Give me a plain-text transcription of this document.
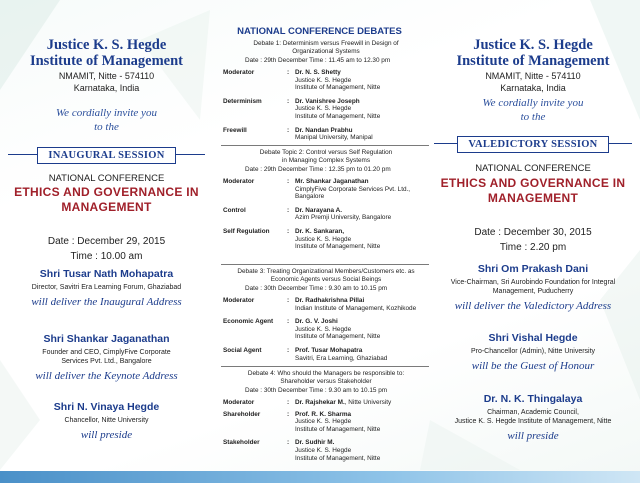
Justice K. S. Hegde
Institute of Management
NMAMIT, Nitte - 574110
Karnataka, India
We cordially invite you
to the
INAUGURAL SESSION
NATIONAL CONFERENCE
ETHICS AND GOVERNANCE IN
MANAGEMENT
Date : December 29, 2015
Time : 10.00 am
Shri Tusar Nath Mohapatra
Director, Savitri Era Learning Forum, Ghaziabad
will deliver the Inaugural Address
Shri Shankar Jaganathan
Founder and CEO, CimplyFive Corporate
Services Pvt. Ltd., Bangalore
will deliver the Keynote Address
Shri N. Vinaya Hegde
Chancellor, Nitte University
will preside
NATIONAL CONFERENCE DEBATES
Debate 1: Determinism versus Freewill in Design of
Organizational Systems
Date : 29th December Time : 11.45 am to 12.30 pm
Moderator	: Dr. N. S. Shetty
Justice K. S. Hegde
Institute of Management, Nitte
Determinism	: Dr. Vanishree Joseph
Justice K. S. Hegde
Institute of Management, Nitte
Freewill	: Dr. Nandan Prabhu
Manipal University, Manipal
Debate Topic 2: Control versus Self Regulation
in Managing Complex Systems
Date : 29th December Time : 12.35 pm to 01.20 pm
Moderator	: Mr. Shankar Jaganathan
CimplyFive Corporate Services Pvt. Ltd.,
Bangalore
Control	: Dr. Narayana A.
Azim Premji University, Bangalore
Self Regulation	: Dr. K. Sankaran,
Justice K. S. Hegde
Institute of Management, Nitte
Debate 3: Treating Organizational Members/Customers etc. as
Economic Agents versus Social Beings
Date : 30th December Time : 9.30 am to 10.15 pm
Moderator	: Dr. Radhakrishna Pillai
Indian Institute of Management, Kozhikode
Economic Agent	: Dr. G. V. Joshi
Justice K. S. Hegde
Institute of Management, Nitte
Social Agent	: Prof. Tusar Mohapatra
Savitri, Era Learning, Ghaziabad
Debate 4: Who should the Managers be responsible to:
Shareholder versus Stakeholder
Date : 30th December Time : 9.30 am to 10.15 pm
Moderator	: Dr. Rajshekar M., Nitte University
Shareholder	: Prof. R. K. Sharma
Justice K. S. Hegde
Institute of Management, Nitte
Stakeholder	: Dr. Sudhir M.
Justice K. S. Hegde
Institute of Management, Nitte
Justice K. S. Hegde
Institute of Management
NMAMIT, Nitte - 574110
Karnataka, India
We cordially invite you
to the
VALEDICTORY SESSION
NATIONAL CONFERENCE
ETHICS AND GOVERNANCE IN
MANAGEMENT
Date : December 30, 2015
Time : 2.20 pm
Shri Om Prakash Dani
Vice-Chairman, Sri Aurobindo Foundation for Integral
Management, Puducherry
will deliver the Valedictory Address
Shri Vishal Hegde
Pro-Chancellor (Admin), Nitte University
will be the Guest of Honour
Dr. N. K. Thingalaya
Chairman, Academic Council,
Justice K. S. Hegde Institute of Management, Nitte
will preside
